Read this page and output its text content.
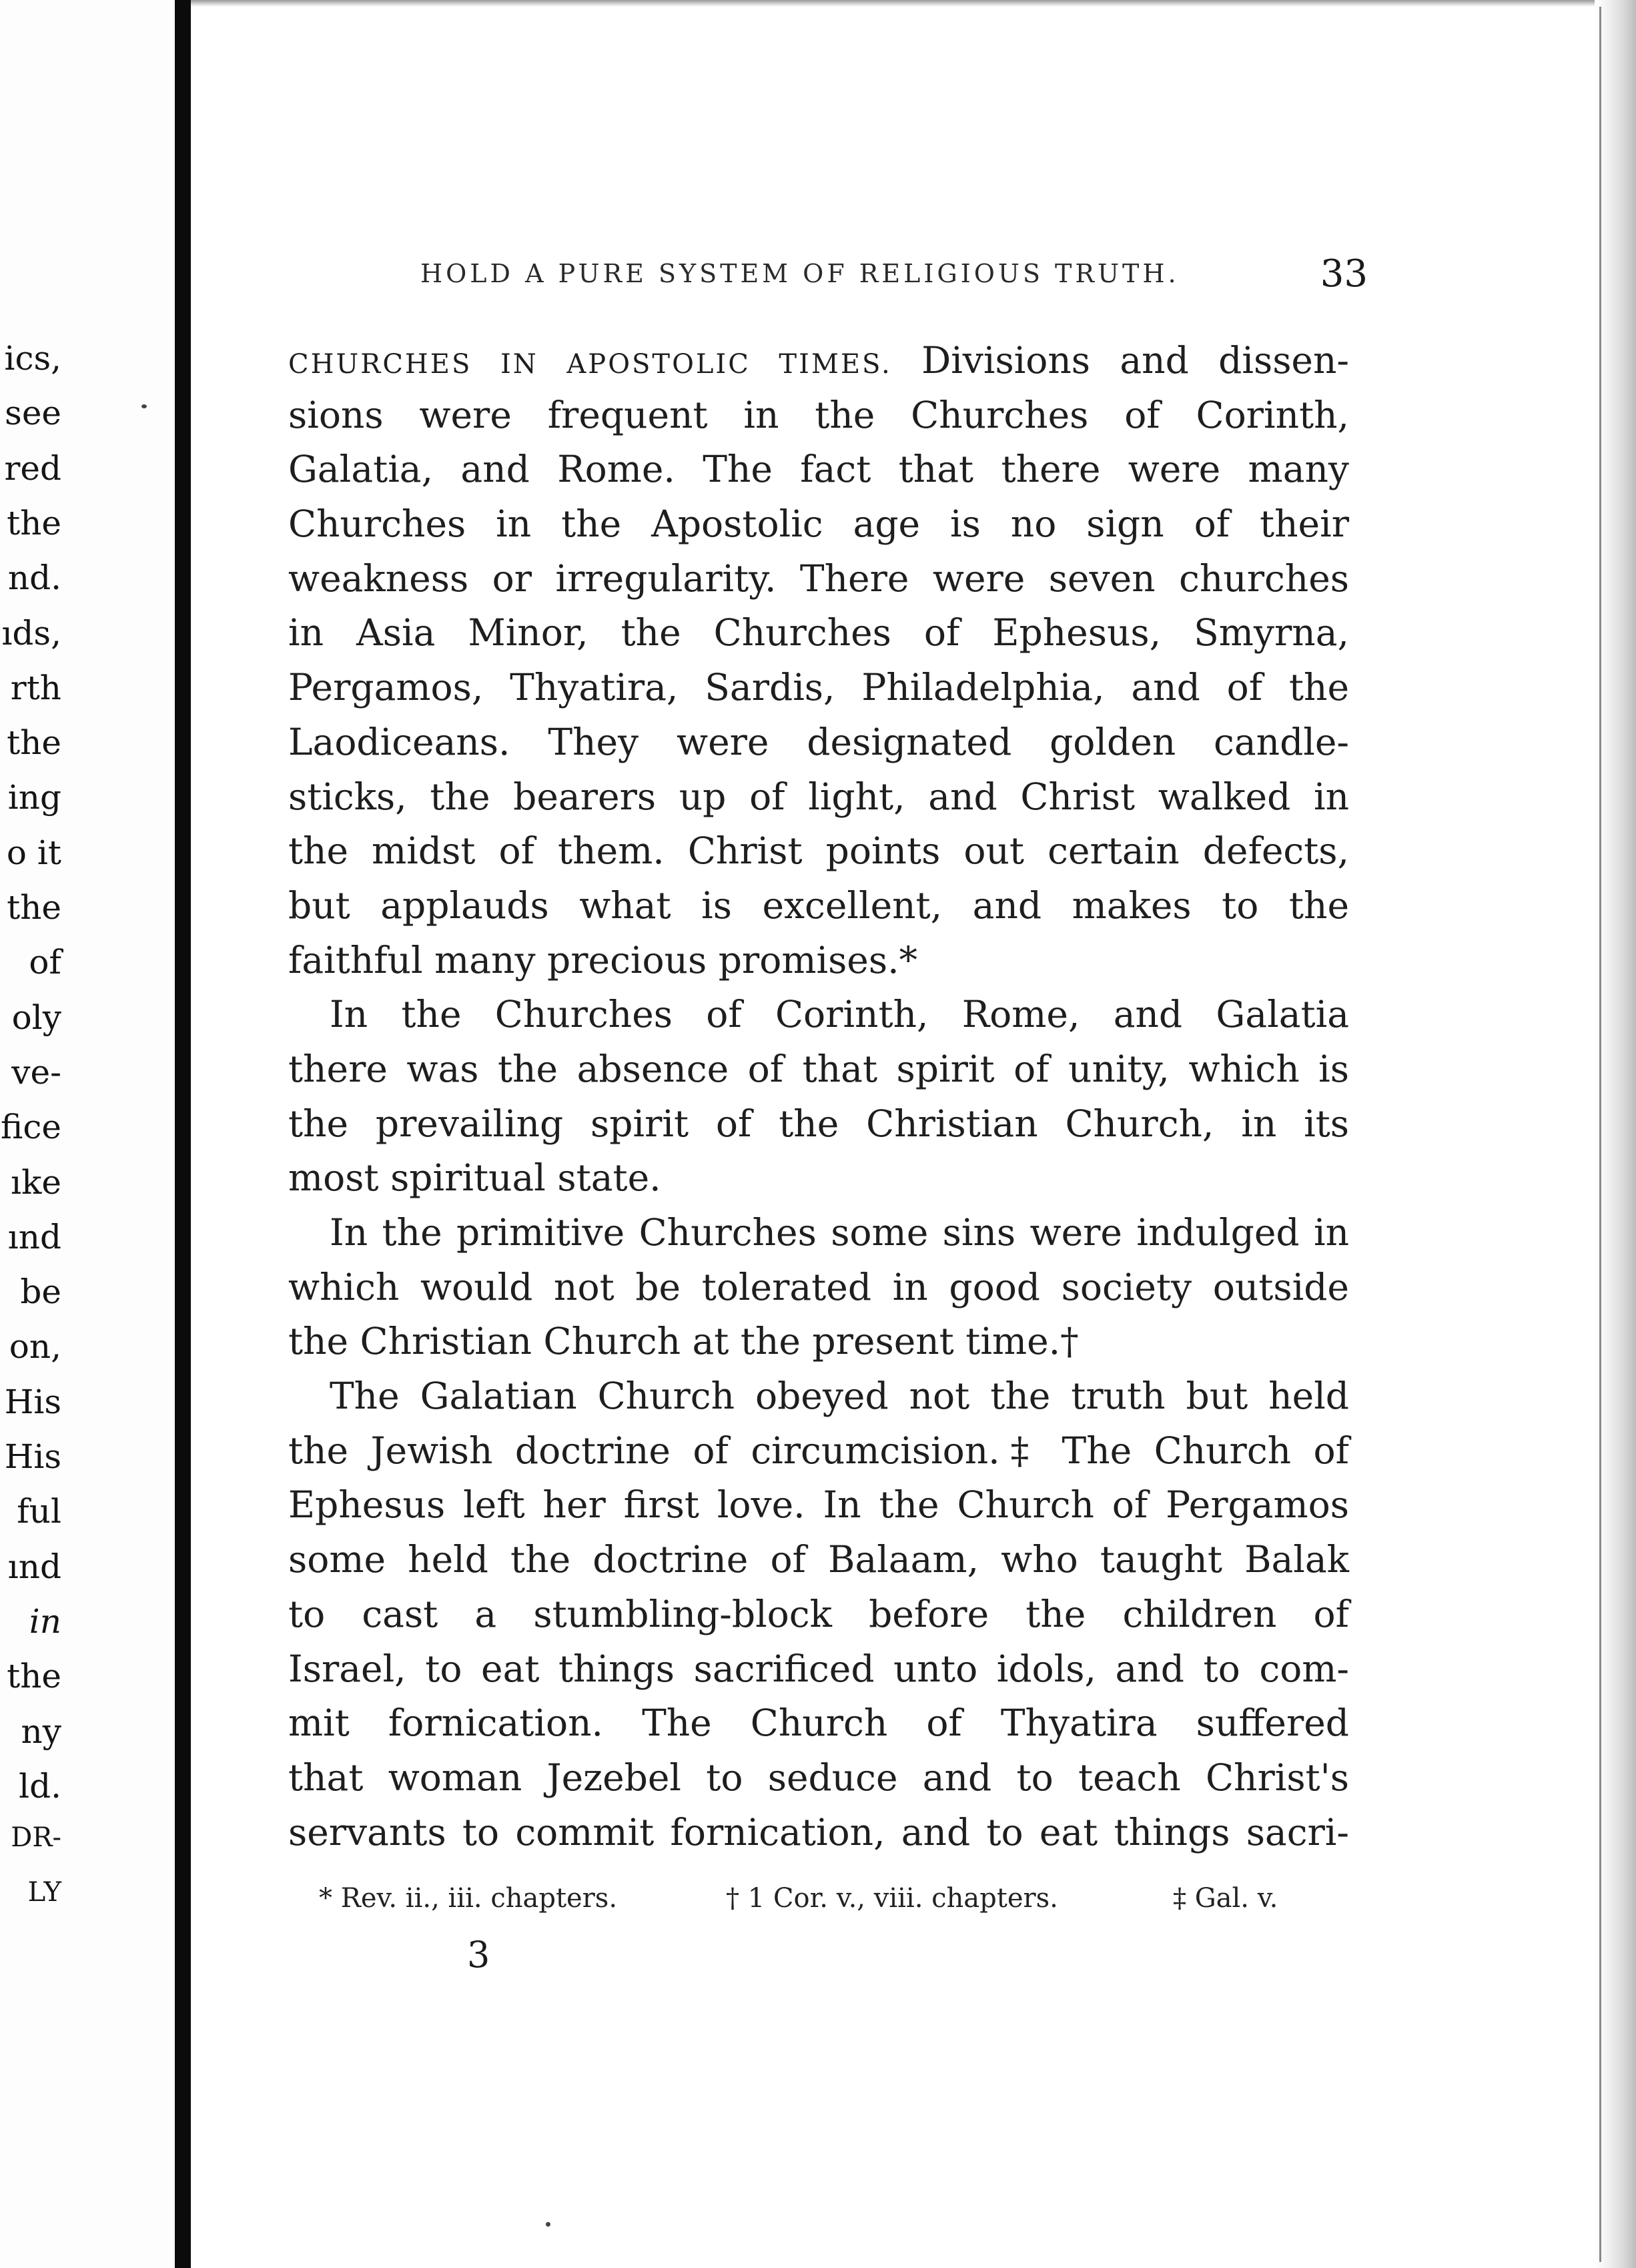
ics,
see
red
the
nd.
ıds,
rth
the
ing
o it
the
of
oly
ve-
fice
ıke
ınd
be
on,
His
His
ful
ınd
in
the
ny
ld.
DR-
LY
HOLD A PURE SYSTEM OF RELIGIOUS TRUTH.	33
CHURCHES IN APOSTOLIC TIMES. Divisions and dissen-
sions were frequent in the Churches of Corinth,
Galatia, and Rome. The fact that there were many
Churches in the Apostolic age is no sign of their
weakness or irregularity. There were seven churches
in Asia Minor, the Churches of Ephesus, Smyrna,
Pergamos, Thyatira, Sardis, Philadelphia, and of the
Laodiceans. They were designated golden candle-
sticks, the bearers up of light, and Christ walked in
the midst of them. Christ points out certain defects,
but applauds what is excellent, and makes to the
faithful many precious promises.*
In the Churches of Corinth, Rome, and Galatia
there was the absence of that spirit of unity, which is
the prevailing spirit of the Christian Church, in its
most spiritual state.
In the primitive Churches some sins were indulged in
which would not be tolerated in good society outside
the Christian Church at the present time.†
The Galatian Church obeyed not the truth but held
the Jewish doctrine of circumcision.‡ The Church of
Ephesus left her first love. In the Church of Pergamos
some held the doctrine of Balaam, who taught Balak
to cast a stumbling-block before the children of
Israel, to eat things sacrificed unto idols, and to com-
mit fornication. The Church of Thyatira suffered
that woman Jezebel to seduce and to teach Christ's
servants to commit fornication, and to eat things sacri-
* Rev. ii., iii. chapters.	† 1 Cor. v., viii. chapters.	‡ Gal. v.
3
